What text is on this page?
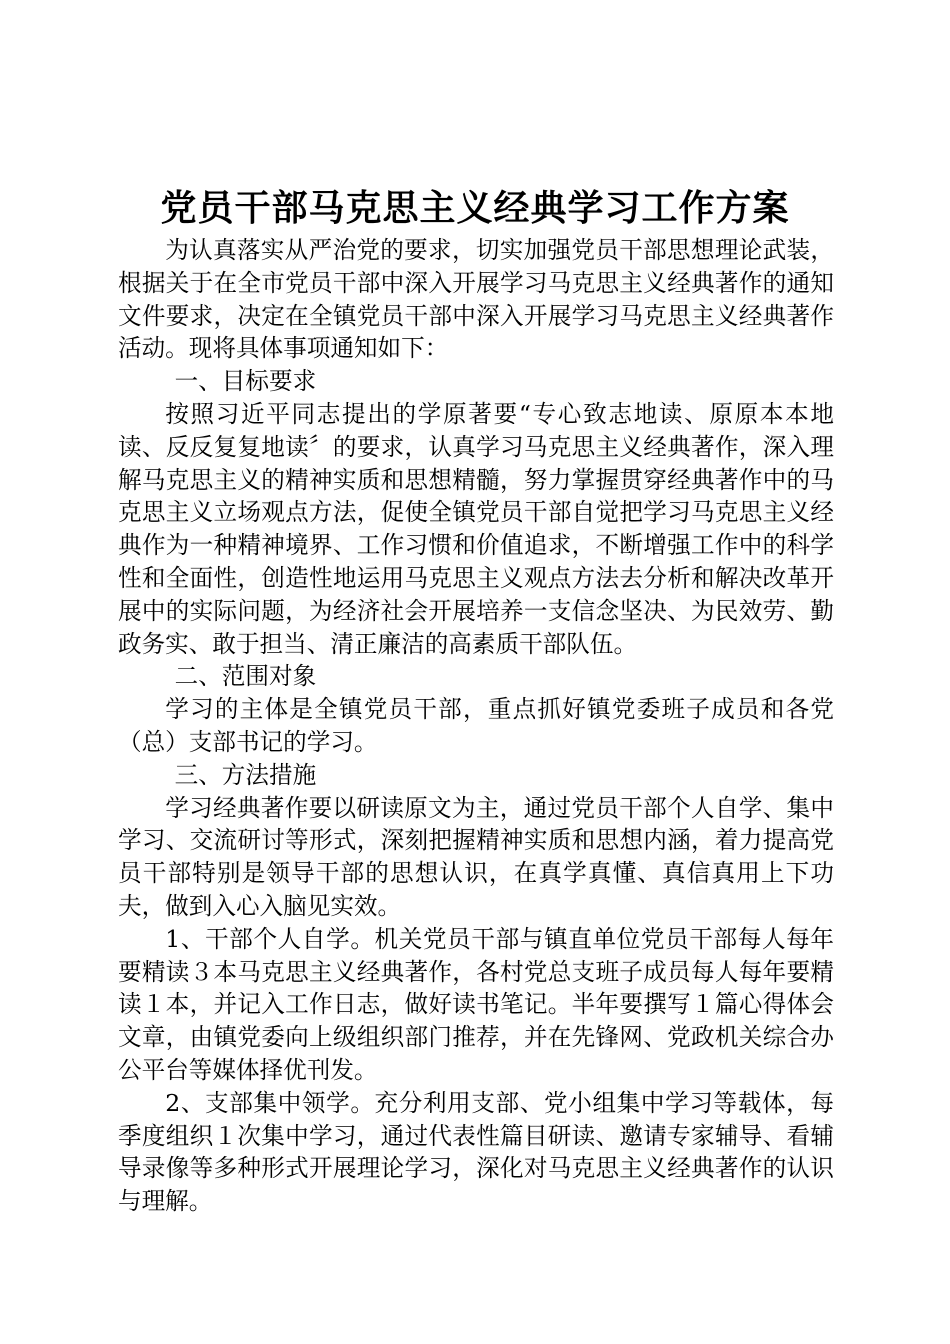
党员干部马克思主义经典学习工作方案

为认真落实从严治党的要求，切实加强党员干部思想理论武装，根据关于在全市党员干部中深入开展学习马克思主义经典著作的通知文件要求，决定在全镇党员干部中深入开展学习马克思主义经典著作活动。现将具体事项通知如下：

一、目标要求

按照习近平同志提出的学原著要“专心致志地读、原原本本地读、反反复复地读〞的要求，认真学习马克思主义经典著作，深入理解马克思主义的精神实质和思想精髓，努力掌握贯穿经典著作中的马克思主义立场观点方法，促使全镇党员干部自觉把学习马克思主义经典作为一种精神境界、工作习惯和价值追求，不断增强工作中的科学性和全面性，创造性地运用马克思主义观点方法去分析和解决改革开展中的实际问题，为经济社会开展培养一支信念坚决、为民效劳、勤政务实、敢于担当、清正廉洁的高素质干部队伍。

二、范围对象

学习的主体是全镇党员干部，重点抓好镇党委班子成员和各党（总）支部书记的学习。

三、方法措施

学习经典著作要以研读原文为主，通过党员干部个人自学、集中学习、交流研讨等形式，深刻把握精神实质和思想内涵，着力提高党员干部特别是领导干部的思想认识，在真学真懂、真信真用上下功夫，做到入心入脑见实效。

1、干部个人自学。机关党员干部与镇直单位党员干部每人每年要精读３本马克思主义经典著作，各村党总支班子成员每人每年要精读１本，并记入工作日志，做好读书笔记。半年要撰写１篇心得体会文章，由镇党委向上级组织部门推荐，并在先锋网、党政机关综合办公平台等媒体择优刊发。

2、支部集中领学。充分利用支部、党小组集中学习等载体，每季度组织１次集中学习，通过代表性篇目研读、邀请专家辅导、看辅导录像等多种形式开展理论学习，深化对马克思主义经典著作的认识与理解。
